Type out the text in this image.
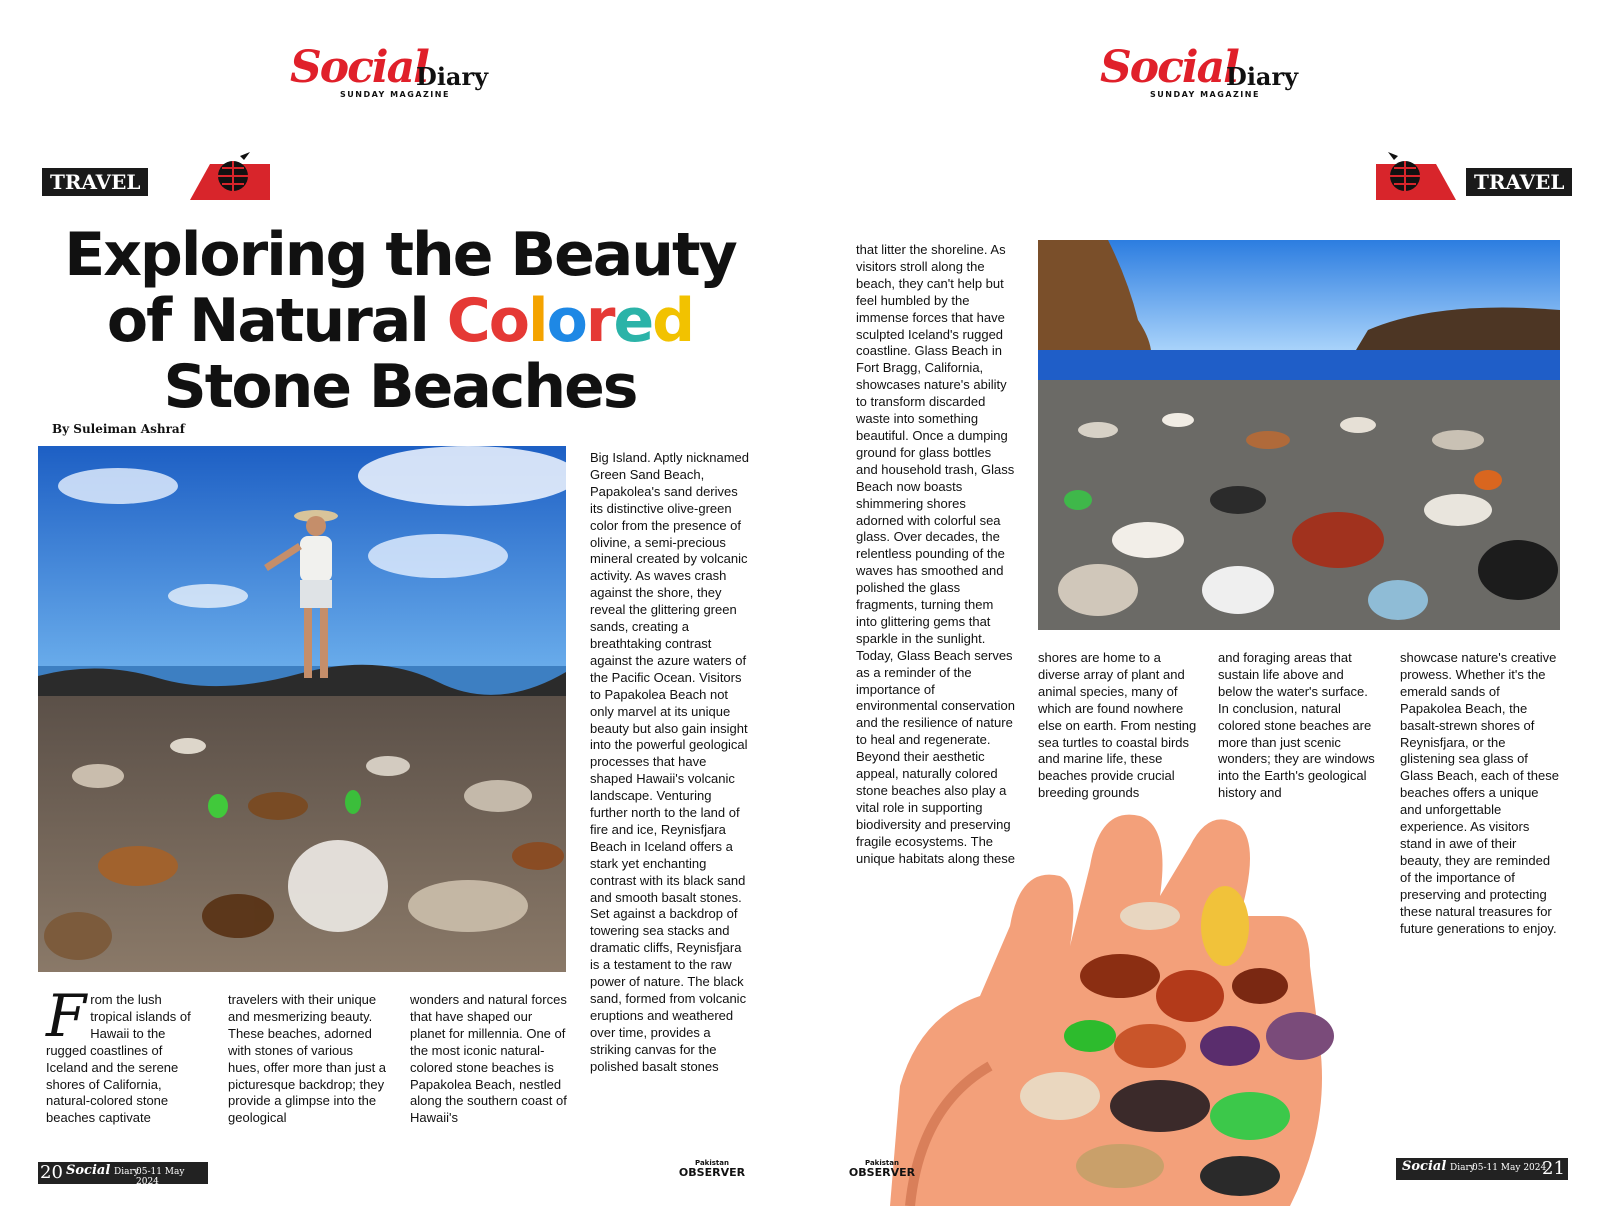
Social
Diary
SUNDAY MAGAZINE
TRAVEL
Exploring the Beauty
of Natural Colored
Stone Beaches
By Suleiman Ashraf
From the lush tropical islands of Hawaii to the rugged coastlines of Iceland and the serene shores of California, natural-colored stone beaches captivate
travelers with their unique and mesmerizing beauty. These beaches, adorned with stones of various hues, offer more than just a picturesque backdrop; they provide a glimpse into the geological
wonders and natural forces that have shaped our planet for millennia. One of the most iconic natural-colored stone beaches is Papakolea Beach, nestled along the southern coast of Hawaii's
Big Island. Aptly nicknamed Green Sand Beach, Papakolea's sand derives its distinctive olive-green color from the presence of olivine, a semi-precious mineral created by volcanic activity. As waves crash against the shore, they reveal the glittering green sands, creating a breathtaking contrast against the azure waters of the Pacific Ocean. Visitors to Papakolea Beach not only marvel at its unique beauty but also gain insight into the powerful geological processes that have shaped Hawaii's volcanic landscape. Venturing further north to the land of fire and ice, Reynisfjara Beach in Iceland offers a stark yet enchanting contrast with its black sand and smooth basalt stones. Set against a backdrop of towering sea stacks and dramatic cliffs, Reynisfjara is a testament to the raw power of nature. The black sand, formed from volcanic eruptions and weathered over time, provides a striking canvas for the polished basalt stones
20 Social Diary
05-11 May 2024
Pakistan
OBSERVER
Social
Diary
SUNDAY MAGAZINE
TRAVEL
that litter the shoreline. As visitors stroll along the beach, they can't help but feel humbled by the immense forces that have sculpted Iceland's rugged coastline. Glass Beach in Fort Bragg, California, showcases nature's ability to transform discarded waste into something beautiful. Once a dumping ground for glass bottles and household trash, Glass Beach now boasts shimmering shores adorned with colorful sea glass. Over decades, the relentless pounding of the waves has smoothed and polished the glass fragments, turning them into glittering gems that sparkle in the sunlight. Today, Glass Beach serves as a reminder of the importance of environmental conservation and the resilience of nature to heal and regenerate. Beyond their aesthetic appeal, naturally colored stone beaches also play a vital role in supporting biodiversity and preserving fragile ecosystems. The unique habitats along these
shores are home to a diverse array of plant and animal species, many of which are found nowhere else on earth. From nesting sea turtles to coastal birds and marine life, these beaches provide crucial breeding grounds
and foraging areas that sustain life above and below the water's surface. In conclusion, natural colored stone beaches are more than just scenic wonders; they are windows into the Earth's geological history and
showcase nature's creative prowess. Whether it's the emerald sands of Papakolea Beach, the basalt-strewn shores of Reynisfjara, or the glistening sea glass of Glass Beach, each of these beaches offers a unique and unforgettable experience. As visitors stand in awe of their beauty, they are reminded of the importance of preserving and protecting these natural treasures for future generations to enjoy.
Pakistan
OBSERVER	Social Diary
05-11 May 2024
21
